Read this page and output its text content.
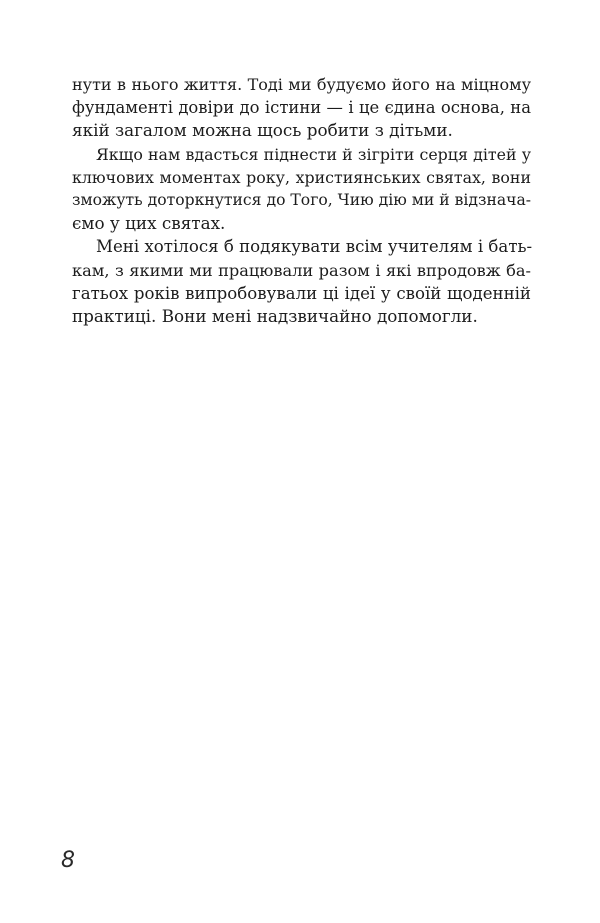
нути в нього життя. Тоді ми будуємо його на міцному
фундаменті довіри до істини — і це єдина основа, на
якій загалом можна щось робити з дітьми.
Якщо нам вдасться піднести й зігріти серця дітей у
ключових моментах року, християнських святах, вони
зможуть доторкнутися до Того, Чию дію ми й відзнача-
ємо у цих святах.
Мені хотілося б подякувати всім учителям і бать-
кам, з якими ми працювали разом і які впродовж ба-
гатьох років випробовували ці ідеї у своїй щоденній
практиці. Вони мені надзвичайно допомогли.
8
